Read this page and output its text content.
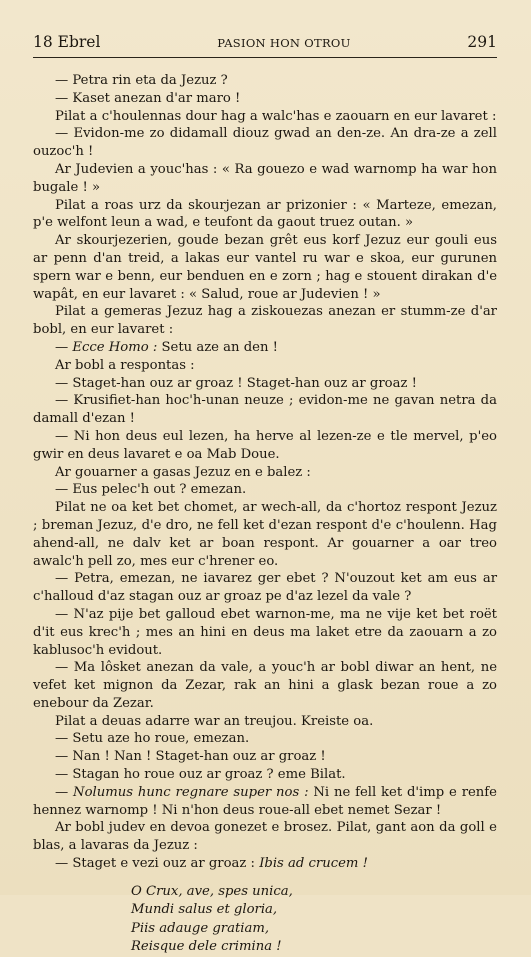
18 Ebrel	PASION HON OTROU	291

— Petra rin eta da Jezuz ?

— Kaset anezan d'ar maro !

Pilat a c'houlennas dour hag a walc'has e zaouarn en eur lavaret :

— Evidon-me zo didamall diouz gwad an den-ze. An dra-ze a zell ouzoc'h !

Ar Judevien a youc'has : « Ra gouezo e wad warnomp ha war hon bugale ! »

Pilat a roas urz da skourjezan ar prizonier : « Marteze, emezan, p'e welfont leun a wad, e teufont da gaout truez outan. »

Ar skourjezerien, goude bezan grêt eus korf Jezuz eur gouli eus ar penn d'an treid, a lakas eur vantel ru war e skoa, eur gurunen spern war e benn, eur benduen en e zorn ; hag e stouent dirakan d'e wapât, en eur lavaret : « Salud, roue ar Judevien ! »

Pilat a gemeras Jezuz hag a ziskouezas anezan er stumm-ze d'ar bobl, en eur lavaret :

— Ecce Homo : Setu aze an den !

Ar bobl a respontas :

— Staget-han ouz ar groaz ! Staget-han ouz ar groaz !

— Krusifiet-han hoc'h-unan neuze ; evidon-me ne gavan netra da damall d'ezan !

— Ni hon deus eul lezen, ha herve al lezen-ze e tle mervel, p'eo gwir en deus lavaret e oa Mab Doue.

Ar gouarner a gasas Jezuz en e balez :

— Eus pelec'h out ? emezan.

Pilat ne oa ket bet chomet, ar wech-all, da c'hortoz respont Jezuz ; breman Jezuz, d'e dro, ne fell ket d'ezan respont d'e c'houlenn. Hag ahend-all, ne dalv ket ar boan respont. Ar gouarner a oar treo awalc'h pell zo, mes eur c'hrener eo.

— Petra, emezan, ne iavarez ger ebet ? N'ouzout ket am eus ar c'halloud d'az stagan ouz ar groaz pe d'az lezel da vale ?

— N'az pije bet galloud ebet warnon-me, ma ne vije ket bet roët d'it eus krec'h ; mes an hini en deus ma laket etre da zaouarn a zo kablusoc'h evidout.

— Ma lôsket anezan da vale, a youc'h ar bobl diwar an hent, ne vefet ket mignon da Zezar, rak an hini a glask bezan roue a zo enebour da Zezar.

Pilat a deuas adarre war an treujou. Kreiste oa.

— Setu aze ho roue, emezan.

— Nan ! Nan ! Staget-han ouz ar groaz !

— Stagan ho roue ouz ar groaz ? eme Bilat.

— Nolumus hunc regnare super nos : Ni ne fell ket d'imp e renfe hennez warnomp ! Ni n'hon deus roue-all ebet nemet Sezar !

Ar bobl judev en devoa gonezet e brosez. Pilat, gant aon da goll e blas, a lavaras da Jezuz :

— Staget e vezi ouz ar groaz : Ibis ad crucem !

O Crux, ave, spes unica,
Mundi salus et gloria,
Piis adauge gratiam,
Reisque dele crimina !
